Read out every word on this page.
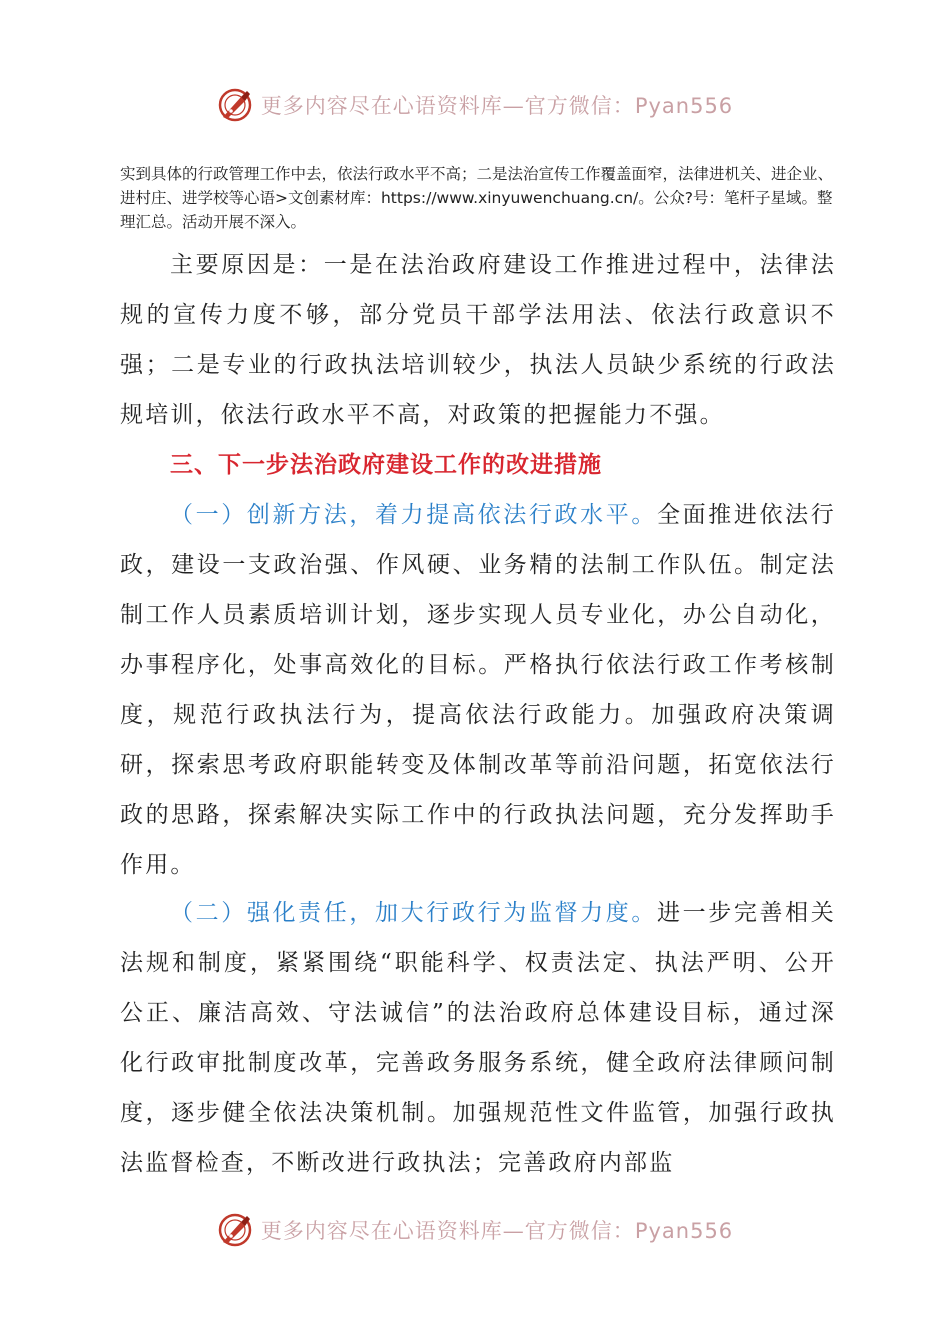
更多内容尽在心语资料库—官方微信：Pyan556
实到具体的行政管理工作中去，依法行政水平不高；二是法治宣传工作覆盖面窄，法律进机关、进企业、进村庄、进学校等心语>文创素材库：https://www.xinyuwenchuang.cn/。公众?号：笔杆子星域。整理汇总。活动开展不深入。

主要原因是：一是在法治政府建设工作推进过程中，法律法规的宣传力度不够，部分党员干部学法用法、依法行政意识不强；二是专业的行政执法培训较少，执法人员缺少系统的行政法规培训，依法行政水平不高，对政策的把握能力不强。

三、下一步法治政府建设工作的改进措施

（一）创新方法，着力提高依法行政水平。全面推进依法行政，建设一支政治强、作风硬、业务精的法制工作队伍。制定法制工作人员素质培训计划，逐步实现人员专业化，办公自动化，办事程序化，处事高效化的目标。严格执行依法行政工作考核制度，规范行政执法行为，提高依法行政能力。加强政府决策调研，探索思考政府职能转变及体制改革等前沿问题，拓宽依法行政的思路，探索解决实际工作中的行政执法问题，充分发挥助手作用。

（二）强化责任，加大行政行为监督力度。进一步完善相关法规和制度，紧紧围绕“职能科学、权责法定、执法严明、公开公正、廉洁高效、守法诚信”的法治政府总体建设目标，通过深化行政审批制度改革，完善政务服务系统，健全政府法律顾问制度，逐步健全依法决策机制。加强规范性文件监管，加强行政执法监督检查，不断改进行政执法；完善政府内部监

更多内容尽在心语资料库—官方微信：Pyan556
